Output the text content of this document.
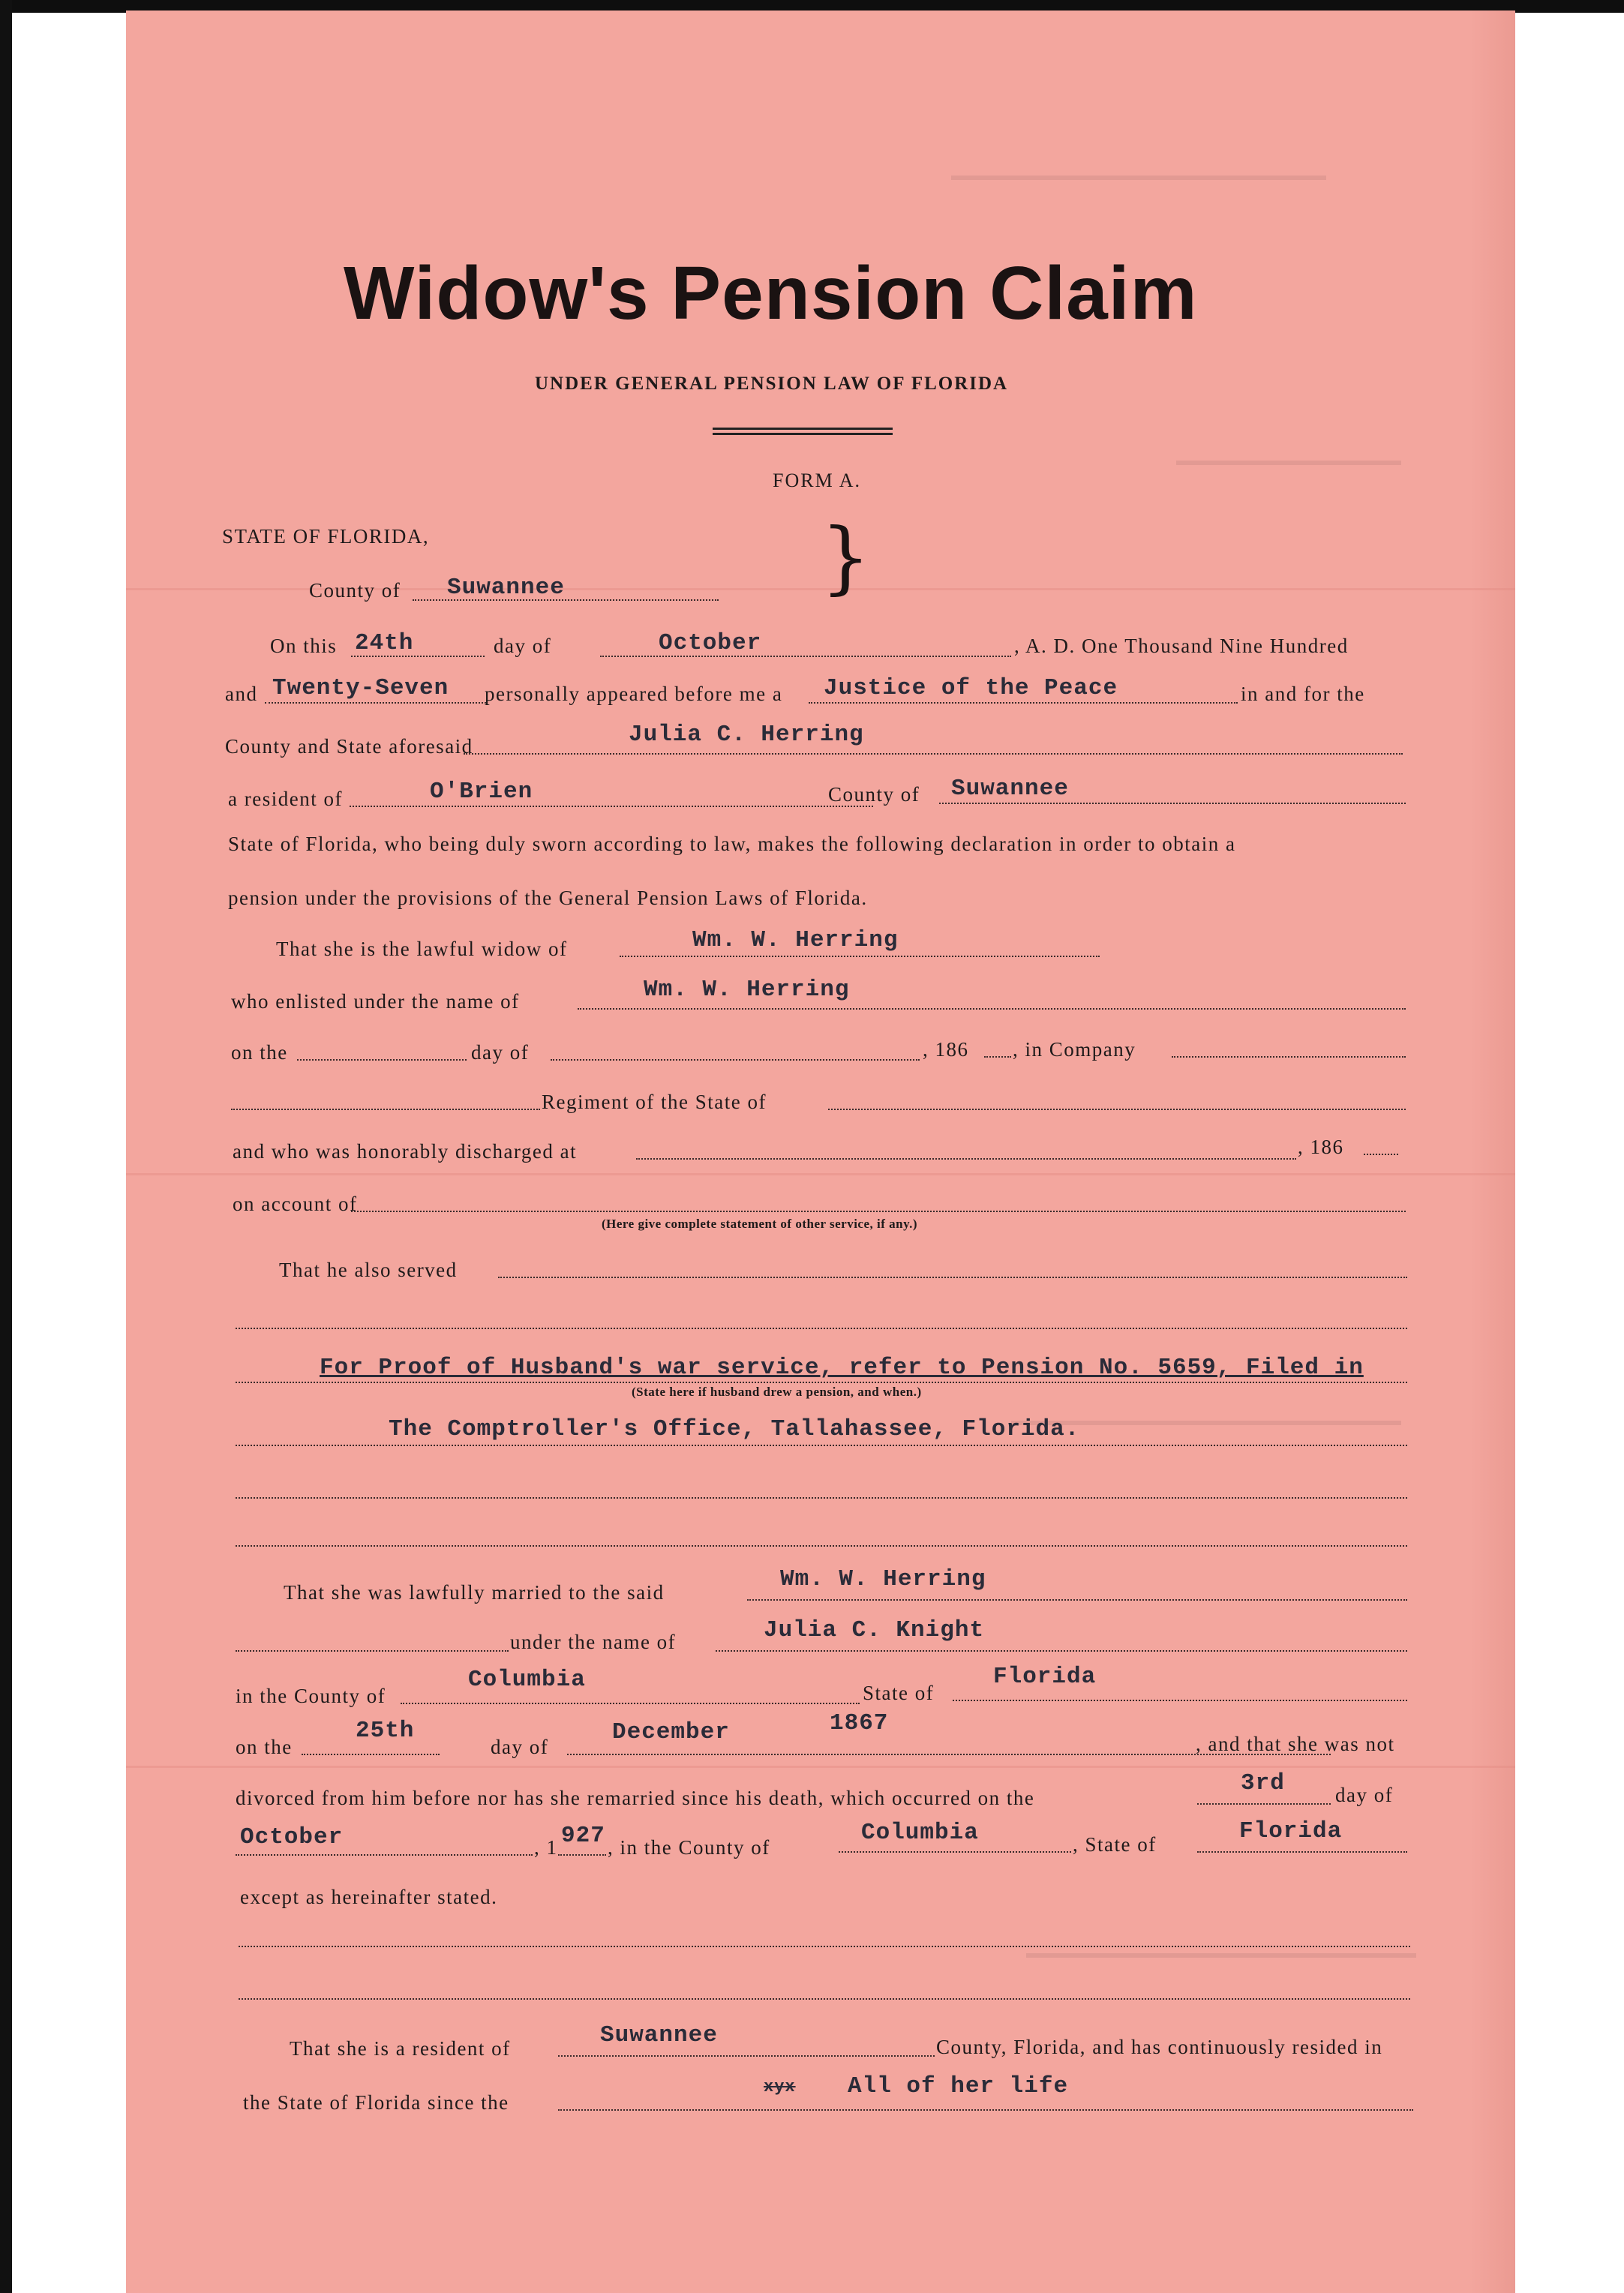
Widow's Pension Claim
UNDER GENERAL PENSION LAW OF FLORIDA
FORM A.
STATE OF FLORIDA,
County of Suwannee	}
On this 24th	day of	October	, A. D. One Thousand Nine Hundred
and Twenty-Seven personally appeared before me a Justice of the Peace	in and for the
County and State aforesaid	Julia C. Herring
a resident of	O'Brien	County of Suwannee
State of Florida, who being duly sworn according to law, makes the following declaration in order to obtain a
pension under the provisions of the General Pension Laws of Florida.
That she is the lawful widow of	Wm. W. Herring
who enlisted under the name of	Wm. W. Herring
on the	day of	, 186 , in Company
Regiment of the State of
and who was honorably discharged at	, 186
on account of
(Here give complete statement of other service, if any.)
That he also served
For Proof of Husband's war service, refer to Pension No. 5659, Filed in
(State here if husband drew a pension, and when.)
The Comptroller's Office, Tallahassee, Florida.
That she was lawfully married to the said	Wm. W. Herring
under the name of	Julia C. Knight
in the County of
Columbia	State of
Florida
on the
25th
day of
December	1867
, and that she was not
divorced from him before nor has she remarried since his death, which occurred on the
3rd day of
October	, 1 927 , in the County of
Columbia	, State of	Florida
except as hereinafter stated.
That she is a resident of	Suwannee	County, Florida, and has continuously resided in
the State of Florida since the
xyx All of her life
